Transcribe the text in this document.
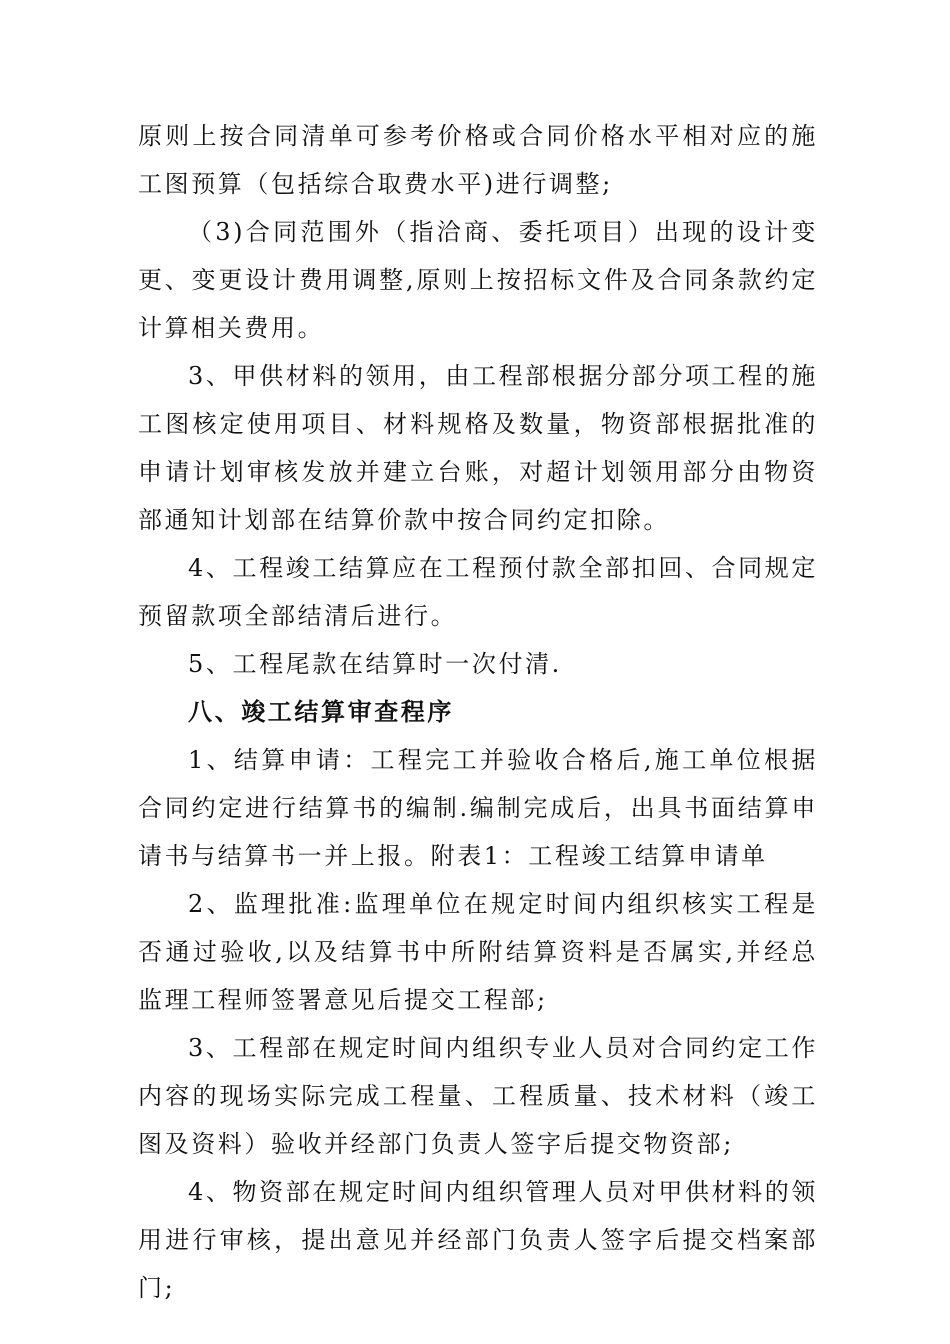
原则上按合同清单可参考价格或合同价格水平相对应的施工图预算（包括综合取费水平)进行调整;

（3)合同范围外（指洽商、委托项目）出现的设计变更、变更设计费用调整,原则上按招标文件及合同条款约定计算相关费用。

3、甲供材料的领用，由工程部根据分部分项工程的施工图核定使用项目、材料规格及数量，物资部根据批准的申请计划审核发放并建立台账，对超计划领用部分由物资部通知计划部在结算价款中按合同约定扣除。

4、工程竣工结算应在工程预付款全部扣回、合同规定预留款项全部结清后进行。

5、工程尾款在结算时一次付清.

八、竣工结算审查程序

1、结算申请：工程完工并验收合格后,施工单位根据合同约定进行结算书的编制.编制完成后，出具书面结算申请书与结算书一并上报。附表1：工程竣工结算申请单

2、监理批准:监理单位在规定时间内组织核实工程是否通过验收,以及结算书中所附结算资料是否属实,并经总监理工程师签署意见后提交工程部;

3、工程部在规定时间内组织专业人员对合同约定工作内容的现场实际完成工程量、工程质量、技术材料（竣工图及资料）验收并经部门负责人签字后提交物资部;

4、物资部在规定时间内组织管理人员对甲供材料的领用进行审核，提出意见并经部门负责人签字后提交档案部门;
